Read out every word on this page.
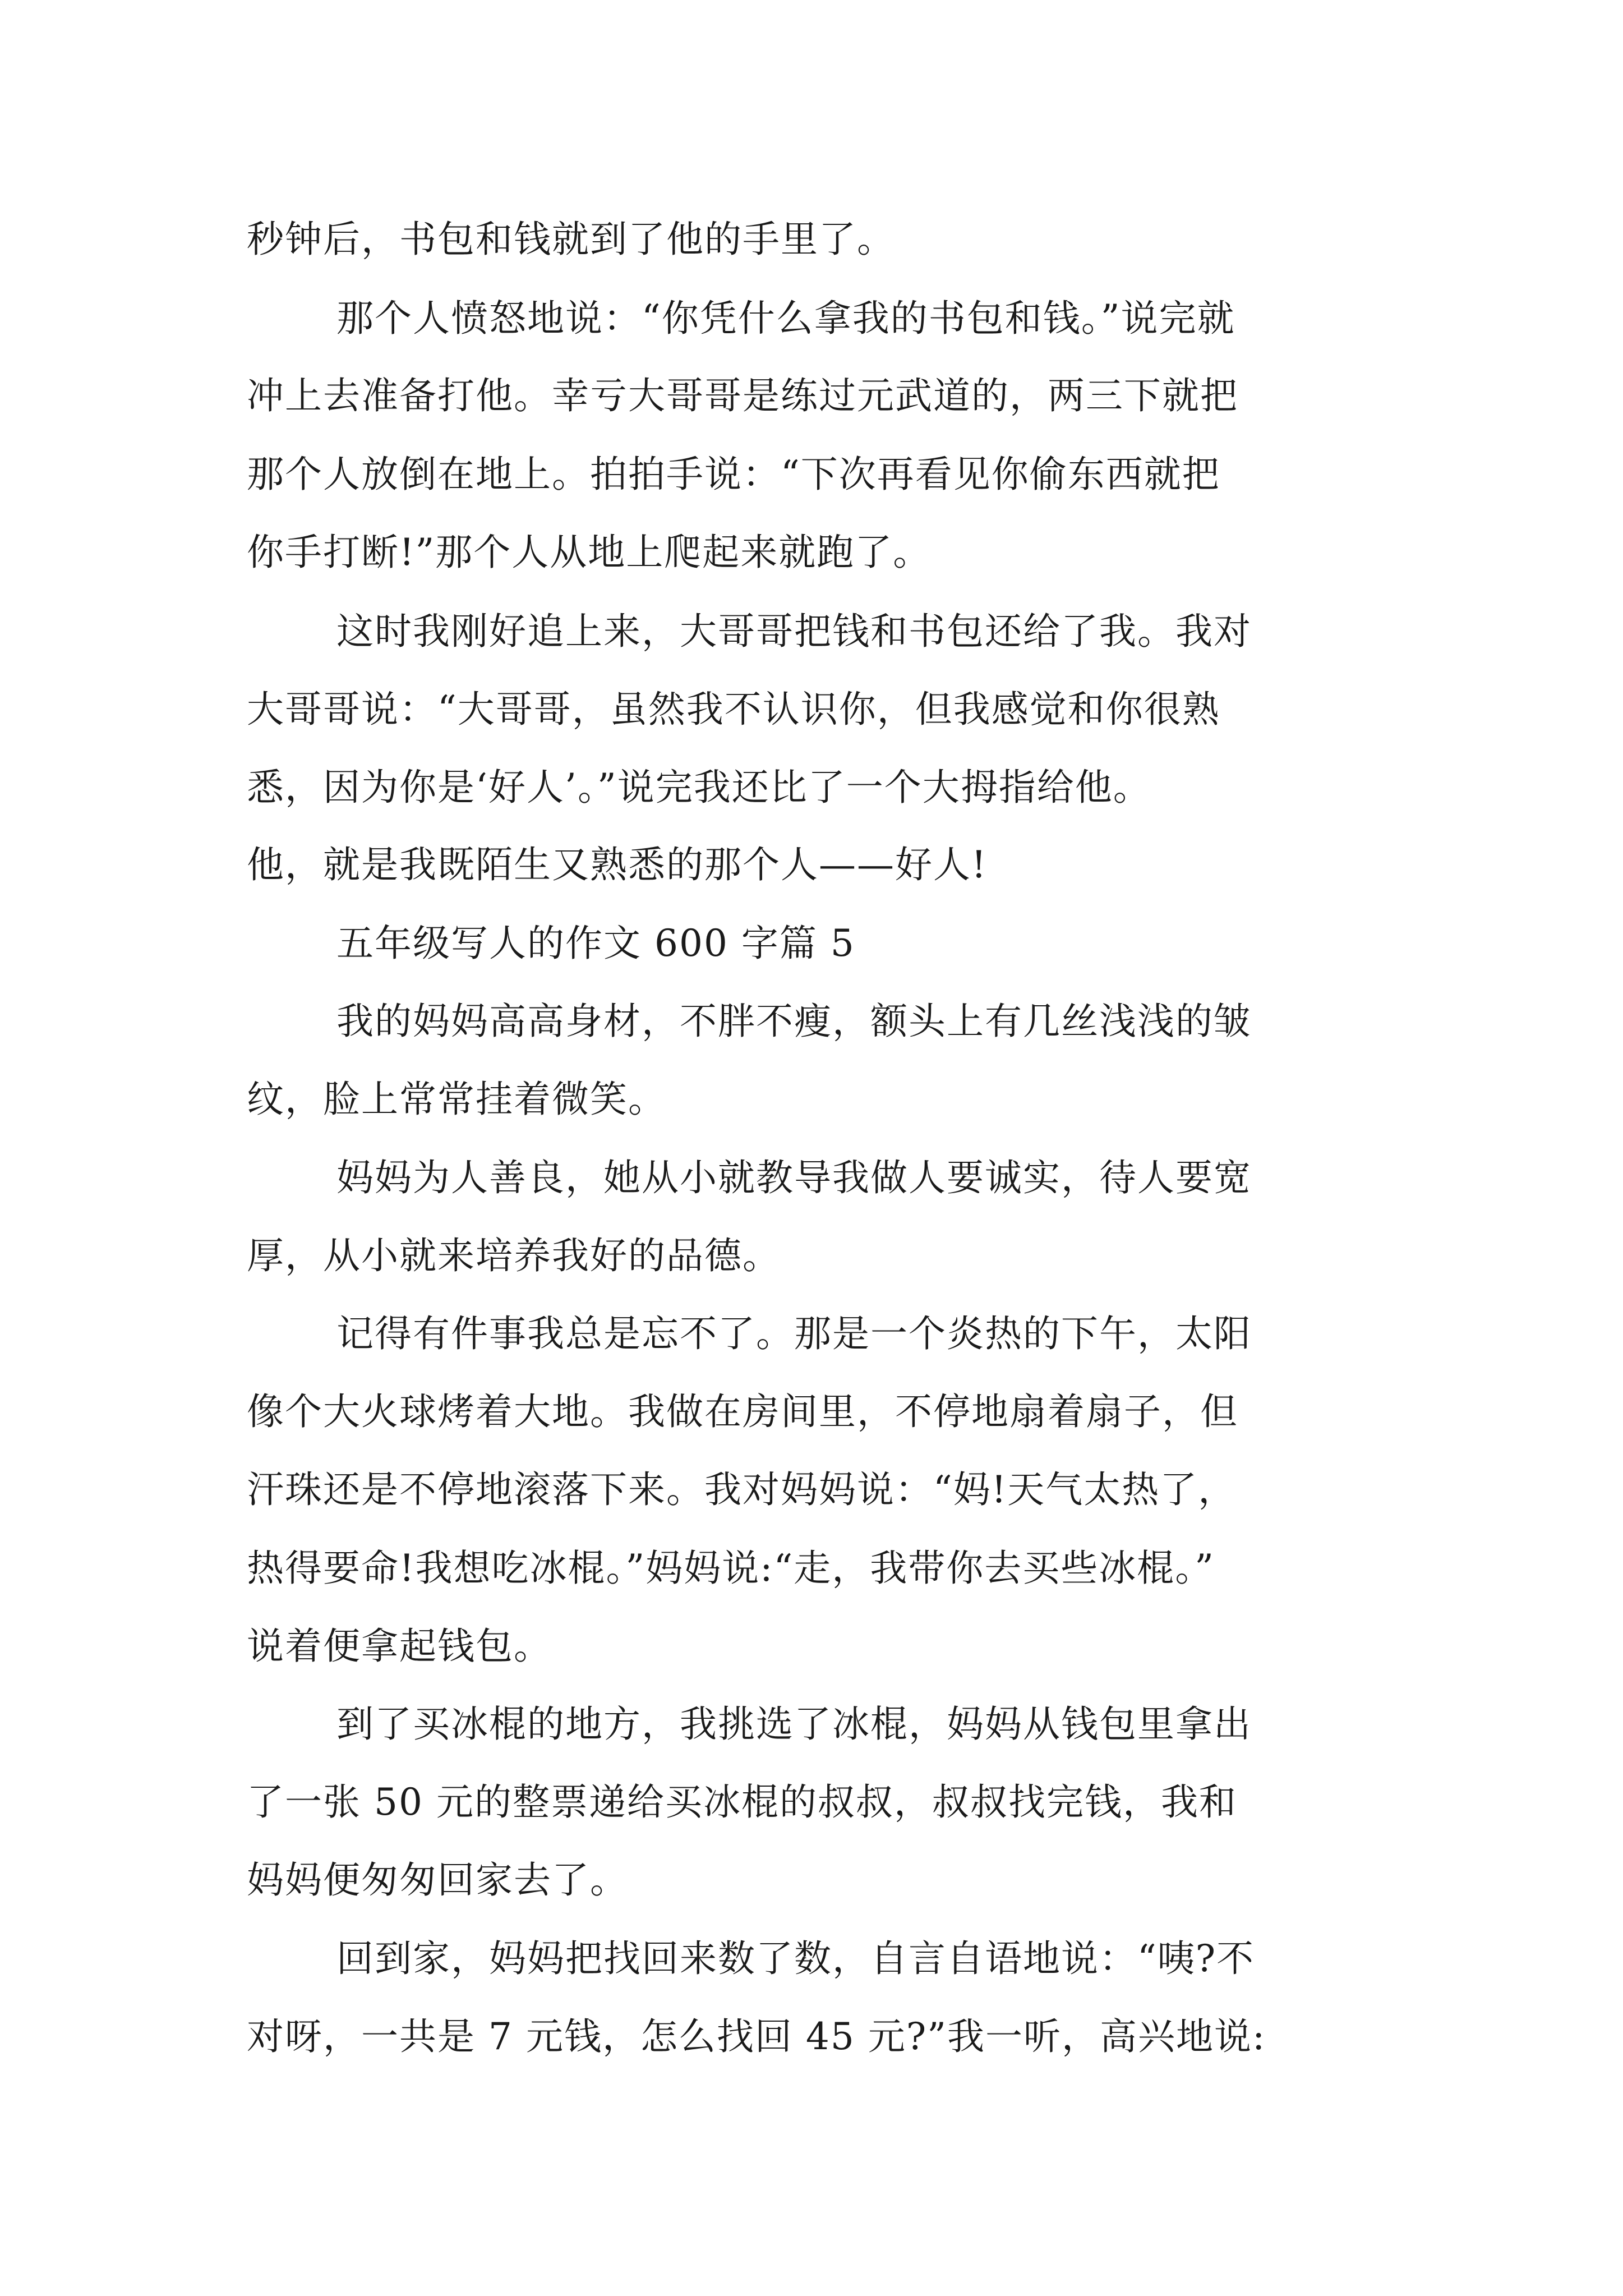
秒钟后，书包和钱就到了他的手里了。
那个人愤怒地说：“你凭什么拿我的书包和钱。”说完就
冲上去准备打他。幸亏大哥哥是练过元武道的，两三下就把
那个人放倒在地上。拍拍手说：“下次再看见你偷东西就把
你手打断!”那个人从地上爬起来就跑了。
这时我刚好追上来，大哥哥把钱和书包还给了我。我对
大哥哥说：“大哥哥，虽然我不认识你，但我感觉和你很熟
悉，因为你是‘好人’。”说完我还比了一个大拇指给他。
他，就是我既陌生又熟悉的那个人——好人!
五年级写人的作文 600 字篇 5
我的妈妈高高身材，不胖不瘦，额头上有几丝浅浅的皱
纹，脸上常常挂着微笑。
妈妈为人善良，她从小就教导我做人要诚实，待人要宽
厚，从小就来培养我好的品德。
记得有件事我总是忘不了。那是一个炎热的下午，太阳
像个大火球烤着大地。我做在房间里，不停地扇着扇子，但
汗珠还是不停地滚落下来。我对妈妈说：“妈!天气太热了，
热得要命!我想吃冰棍。”妈妈说:“走，我带你去买些冰棍。”
说着便拿起钱包。
到了买冰棍的地方，我挑选了冰棍，妈妈从钱包里拿出
了一张 50 元的整票递给买冰棍的叔叔，叔叔找完钱，我和
妈妈便匆匆回家去了。
回到家，妈妈把找回来数了数，自言自语地说：“咦?不
对呀，一共是 7 元钱，怎么找回 45 元?”我一听，高兴地说:
